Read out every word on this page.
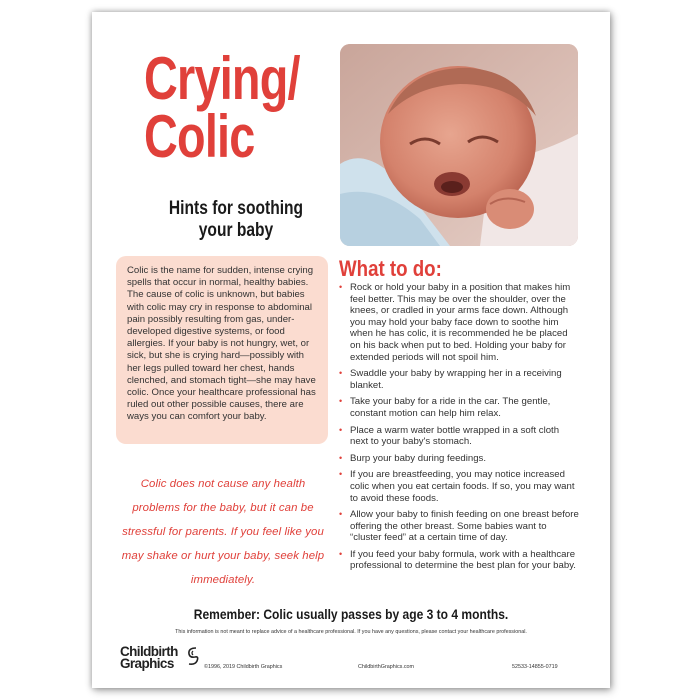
Crying/
Colic
Hints for soothing
your baby
Colic is the name for sudden, intense crying spells that occur in normal, healthy babies. The cause of colic is unknown, but babies with colic may cry in response to abdominal pain possibly resulting from gas, under-developed digestive systems, or food allergies. If your baby is not hungry, wet, or sick, but she is crying hard—possibly with her legs pulled toward her chest, hands clenched, and stomach tight—she may have colic. Once your healthcare professional has ruled out other possible causes, there are ways you can comfort your baby.
Colic does not cause any health problems for the baby, but it can be stressful for parents. If you feel like you may shake or hurt your baby, seek help immediately.
What to do:
• Rock or hold your baby in a position that makes him feel better. This may be over the shoulder, over the knees, or cradled in your arms face down. Although you may hold your baby face down to soothe him when he has colic, it is recommended he be placed on his back when put to bed. Holding your baby for extended periods will not spoil him.
• Swaddle your baby by wrapping her in a receiving blanket.
• Take your baby for a ride in the car. The gentle, constant motion can help him relax.
• Place a warm water bottle wrapped in a soft cloth next to your baby's stomach.
• Burp your baby during feedings.
• If you are breastfeeding, you may notice increased colic when you eat certain foods. If so, you may want to avoid these foods.
• Allow your baby to finish feeding on one breast before offering the other breast. Some babies want to “cluster feed” at a certain time of day.
• If you feed your baby formula, work with a healthcare professional to determine the best plan for your baby.
Remember: Colic usually passes by age 3 to 4 months.
This information is not meant to replace advice of a healthcare professional. If you have any questions, please contact your healthcare professional.
Childbirth
Graphics	©1996, 2019 Childbirth Graphics	ChildbirthGraphics.com	52533-14855-0719
